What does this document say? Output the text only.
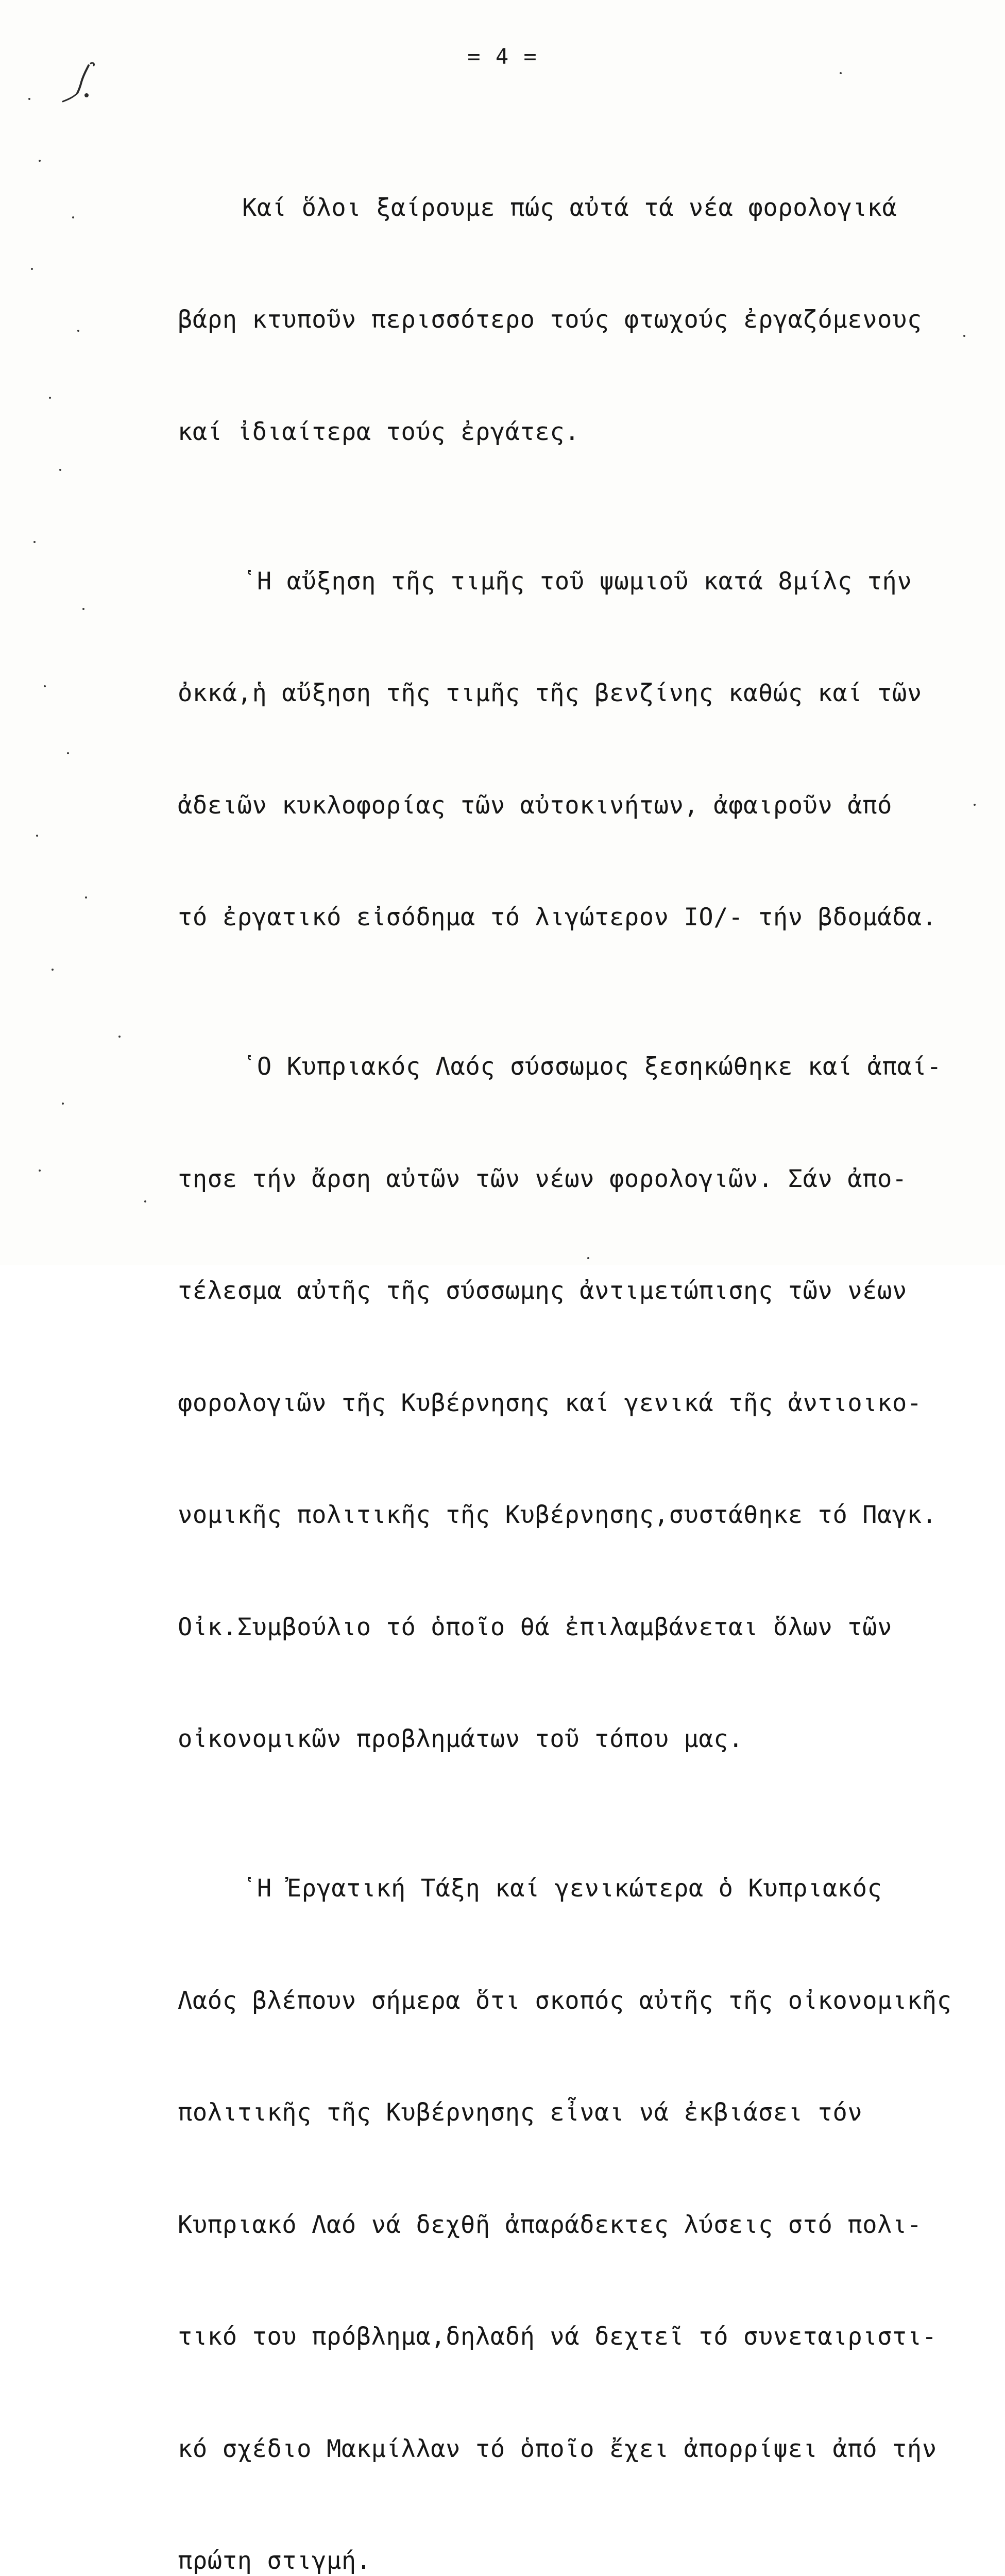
= 4 =

Καί ὅλοι ξαίρουμε πώς αὐτά τά νέα φορολογικά

βάρη κτυποῦν περισσότερο τούς φτωχούς ἐργαζόμενους

καί ἰδιαίτερα τούς ἐργάτες.

῾Η αὔξηση τῆς τιμῆς τοῦ ψωμιοῦ κατά 8μίλς τήν

ὀκκά,ἡ αὔξηση τῆς τιμῆς τῆς βενζίνης καθώς καί τῶν

ἀδειῶν κυκλοφορίας τῶν αὐτοκινήτων, ἀφαιροῦν ἀπό

τό ἐργατικό εἰσόδημα τό λιγώτερον IO/- τήν βδομάδα.

῾Ο Κυπριακός Λαός σύσσωμος ξεσηκώθηκε καί ἀπαί-

τησε τήν ἄρση αὐτῶν τῶν νέων φορολογιῶν. Σάν ἀπο-

τέλεσμα αὐτῆς τῆς σύσσωμης ἀντιμετώπισης τῶν νέων

φορολογιῶν τῆς Κυβέρνησης καί γενικά τῆς ἀντιοικο-

νομικῆς πολιτικῆς τῆς Κυβέρνησης,συστάθηκε τό Παγκ.

Οἰκ.Συμβούλιο τό ὁποῖο θά ἐπιλαμβάνεται ὅλων τῶν

οἰκονομικῶν προβλημάτων τοῦ τόπου μας.

῾Η Ἐργατική Τάξη καί γενικώτερα ὁ Κυπριακός

Λαός βλέπουν σήμερα ὅτι σκοπός αὐτῆς τῆς οἰκονομικῆς

πολιτικῆς τῆς Κυβέρνησης εἶναι νά ἐκβιάσει τόν

Κυπριακό Λαό νά δεχθῆ ἀπαράδεκτες λύσεις στό πολι-

τικό του πρόβλημα,δηλαδή νά δεχτεῖ τό συνεταιριστι-

κό σχέδιο Μακμίλλαν τό ὁποῖο ἔχει ἀπορρίψει ἀπό τήν

πρώτη στιγμή.
